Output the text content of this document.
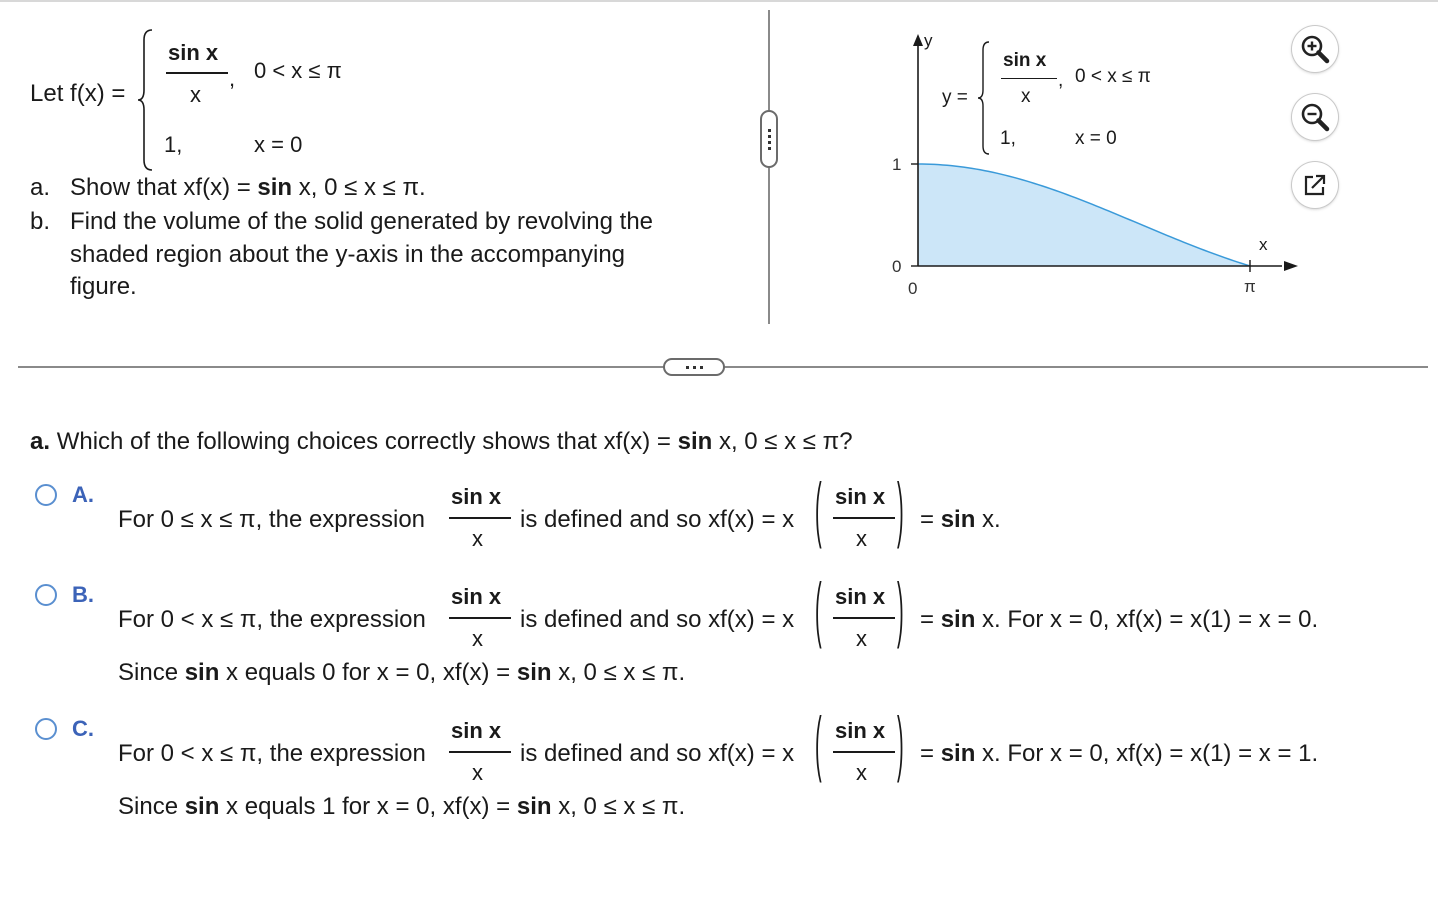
Let f(x) =
sin x
x
, 0 < x ≤ π
1,	x = 0
a. Show that xf(x) = sin x, 0 ≤ x ≤ π.
b. Find the volume of the solid generated by revolving the
shaded region about the y-axis in the accompanying
figure.
y
x
1
0
0	π
y =
sin x
x
, 0 < x ≤ π
1,	x = 0
a. Which of the following choices correctly shows that xf(x) = sin x, 0 ≤ x ≤ π?
A.
For 0 ≤ x ≤ π, the expression
sin x
x
is defined and so xf(x) = x ( sin x
x ) = sin x.
B.
For 0 < x ≤ π, the expression
sin x
x
is defined and so xf(x) = x ( sin x
x ) = sin x. For x = 0, xf(x) = x(1) = x = 0.
Since sin x equals 0 for x = 0, xf(x) = sin x, 0 ≤ x ≤ π.
C.
For 0 < x ≤ π, the expression
sin x
x
is defined and so xf(x) = x ( sin x
x ) = sin x. For x = 0, xf(x) = x(1) = x = 1.
Since sin x equals 1 for x = 0, xf(x) = sin x, 0 ≤ x ≤ π.
